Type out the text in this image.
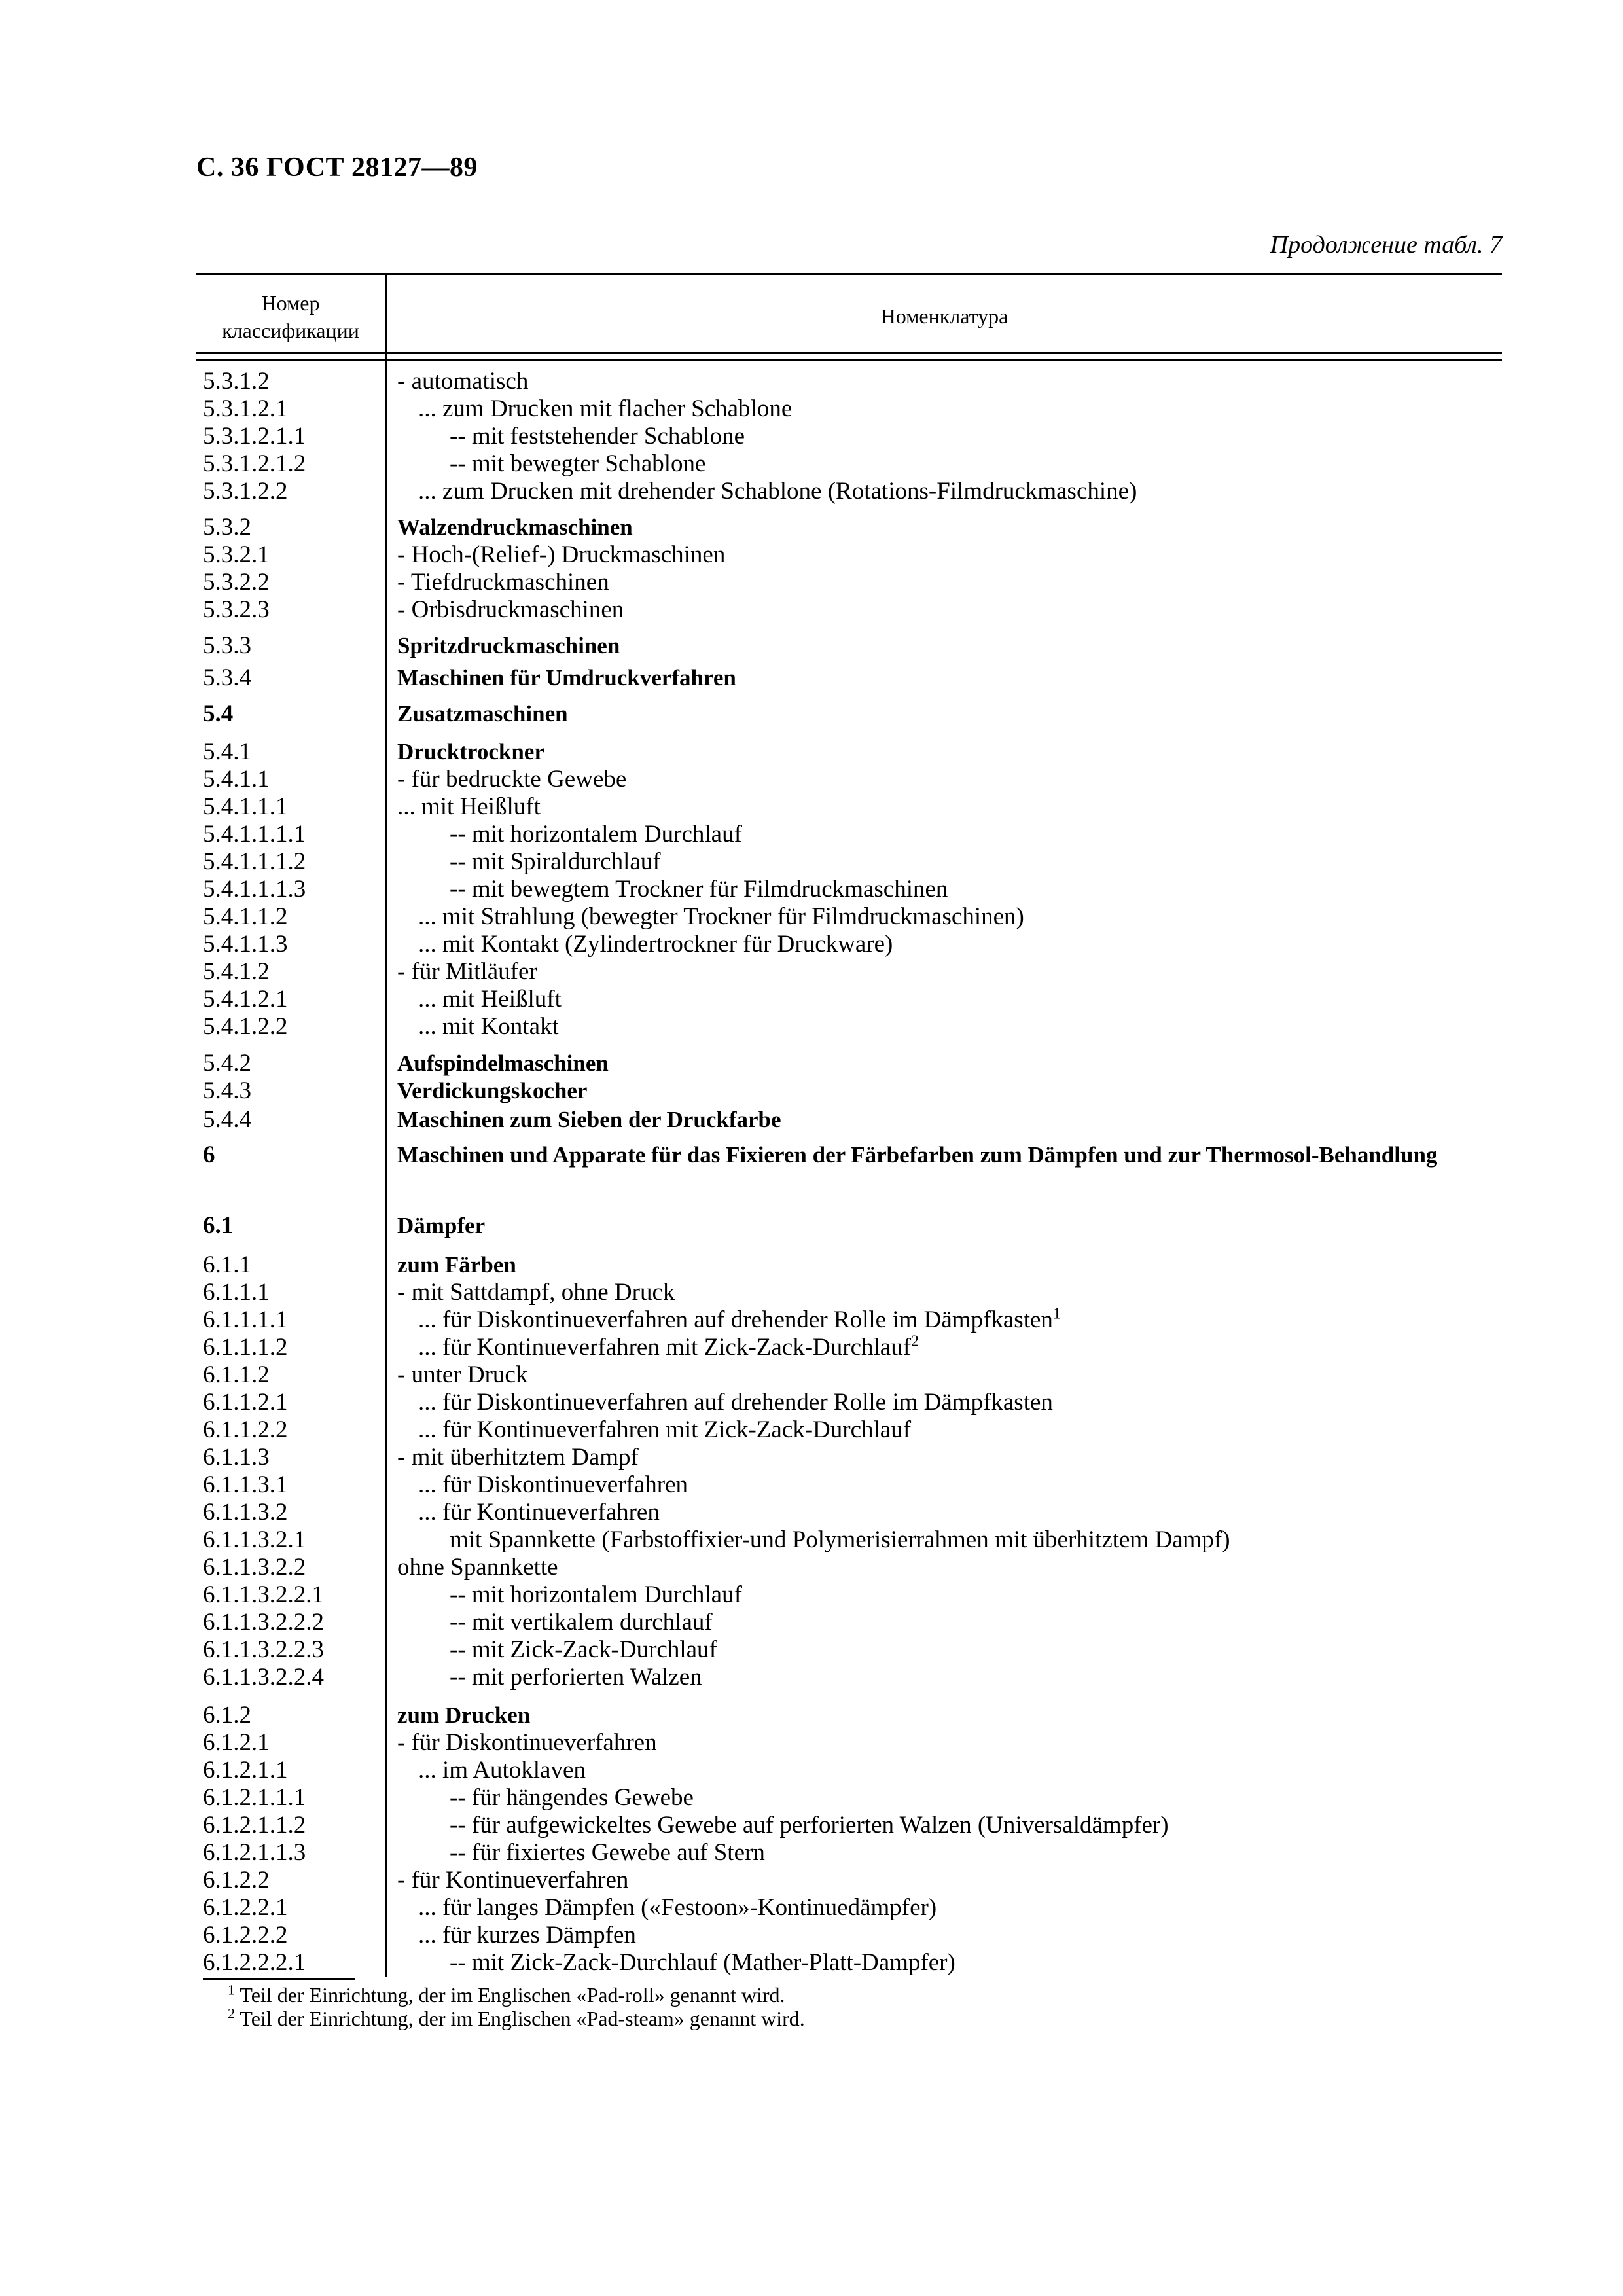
С. 36 ГОСТ 28127—89
Продолжение табл. 7
Номер классификации
Номенклатура
5.3.1.2	- automatisch
5.3.1.2.1	... zum Drucken mit flacher Schablone
5.3.1.2.1.1	-- mit feststehender Schablone
5.3.1.2.1.2	-- mit bewegter Schablone
5.3.1.2.2	... zum Drucken mit drehender Schablone (Rotations-Filmdruckmaschine)
5.3.2	Walzendruckmaschinen
5.3.2.1	- Hoch-(Relief-) Druckmaschinen
5.3.2.2	- Tiefdruckmaschinen
5.3.2.3	- Orbisdruckmaschinen
5.3.3	Spritzdruckmaschinen
5.3.4	Maschinen für Umdruckverfahren
5.4	Zusatzmaschinen
5.4.1	Drucktrockner
5.4.1.1	- für bedruckte Gewebe
5.4.1.1.1	... mit Heißluft
5.4.1.1.1.1	-- mit horizontalem Durchlauf
5.4.1.1.1.2	-- mit Spiraldurchlauf
5.4.1.1.1.3	-- mit bewegtem Trockner für Filmdruckmaschinen
5.4.1.1.2	... mit Strahlung (bewegter Trockner für Filmdruckmaschinen)
5.4.1.1.3	... mit Kontakt (Zylindertrockner für Druckware)
5.4.1.2	- für Mitläufer
5.4.1.2.1	... mit Heißluft
5.4.1.2.2	... mit Kontakt
5.4.2	Aufspindelmaschinen
5.4.3	Verdickungskocher
5.4.4	Maschinen zum Sieben der Druckfarbe
6	Maschinen und Apparate für das Fixieren der Färbefarben zum Dämpfen und zur Thermosol-Behandlung
6.1	Dämpfer
6.1.1	zum Färben
6.1.1.1	- mit Sattdampf, ohne Druck
6.1.1.1.1	... für Diskontinueverfahren auf drehender Rolle im Dämpfkasten$^1$
6.1.1.1.2	... für Kontinueverfahren mit Zick-Zack-Durchlauf$^2$
6.1.1.2	- unter Druck
6.1.1.2.1	... für Diskontinueverfahren auf drehender Rolle im Dämpfkasten
6.1.1.2.2	... für Kontinueverfahren mit Zick-Zack-Durchlauf
6.1.1.3	- mit überhitztem Dampf
6.1.1.3.1	... für Diskontinueverfahren
6.1.1.3.2	... für Kontinueverfahren
6.1.1.3.2.1	mit Spannkette (Farbstoffixier-und Polymerisierrahmen mit überhitztem Dampf)
6.1.1.3.2.2	ohne Spannkette
6.1.1.3.2.2.1	-- mit horizontalem Durchlauf
6.1.1.3.2.2.2	-- mit vertikalem durchlauf
6.1.1.3.2.2.3	-- mit Zick-Zack-Durchlauf
6.1.1.3.2.2.4	-- mit perforierten Walzen
6.1.2	zum Drucken
6.1.2.1	- für Diskontinueverfahren
6.1.2.1.1	... im Autoklaven
6.1.2.1.1.1	-- für hängendes Gewebe
6.1.2.1.1.2	-- für aufgewickeltes Gewebe auf perforierten Walzen (Universaldämpfer)
6.1.2.1.1.3	-- für fixiertes Gewebe auf Stern
6.1.2.2	- für Kontinueverfahren
6.1.2.2.1	... für langes Dämpfen («Festoon»-Kontinuedämpfer)
6.1.2.2.2	... für kurzes Dämpfen
6.1.2.2.2.1	-- mit Zick-Zack-Durchlauf (Mather-Platt-Dampfer)
$^1$ Teil der Einrichtung, der im Englischen «Pad-roll» genannt wird.
$^2$ Teil der Einrichtung, der im Englischen «Pad-steam» genannt wird.
